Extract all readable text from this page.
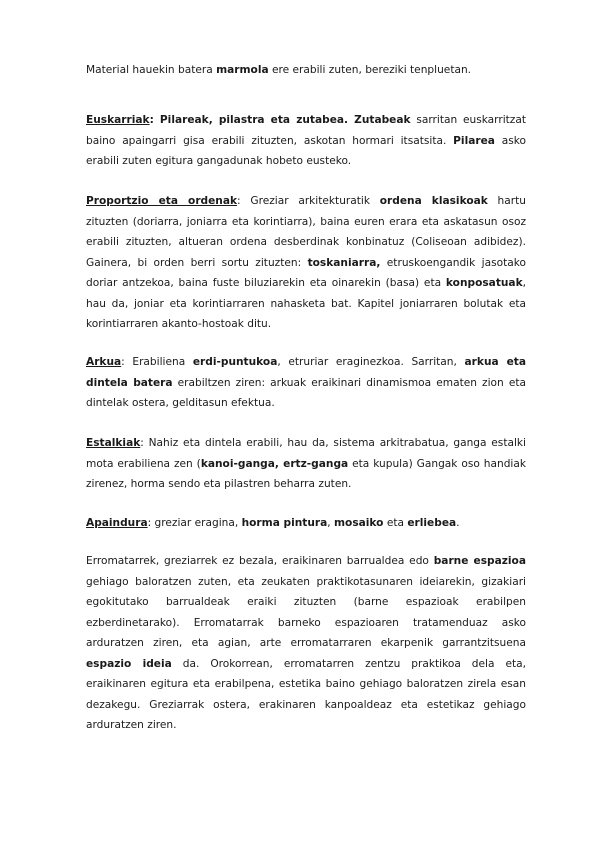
Material hauekin batera marmola ere erabili zuten, bereziki tenpluetan.

Euskarriak: Pilareak, pilastra eta zutabea. Zutabeak sarritan euskarritzat baino apaingarri gisa erabili zituzten, askotan hormari itsatsita. Pilarea asko erabili zuten egitura gangadunak hobeto eusteko.

Proportzio eta ordenak: Greziar arkitekturatik ordena klasikoak hartu zituzten (doriarra, joniarra eta korintiarra), baina euren erara eta askatasun osoz erabili zituzten, altueran ordena desberdinak konbinatuz (Coliseoan adibidez). Gainera, bi orden berri sortu zituzten: toskaniarra, etruskoengandik jasotako doriar antzekoa, baina fuste biluziarekin eta oinarekin (basa) eta konposatuak, hau da, joniar eta korintiarraren nahasketa bat. Kapitel joniarraren bolutak eta korintiarraren akanto-hostoak ditu.

Arkua: Erabiliena erdi-puntukoa, etruriar eraginezkoa. Sarritan, arkua eta dintela batera erabiltzen ziren: arkuak eraikinari dinamismoa ematen zion eta dintelak ostera, gelditasun efektua.

Estalkiak: Nahiz eta dintela erabili, hau da, sistema arkitrabatua, ganga estalki mota erabiliena zen (kanoi-ganga, ertz-ganga eta kupula) Gangak oso handiak zirenez, horma sendo eta pilastren beharra zuten.

Apaindura: greziar eragina, horma pintura, mosaiko eta erliebea.

Erromatarrek, greziarrek ez bezala, eraikinaren barrualdea edo barne espazioa gehiago baloratzen zuten, eta zeukaten praktikotasunaren ideiarekin, gizakiari egokitutako barrualdeak eraiki zituzten (barne espazioak erabilpen ezberdinetarako). Erromatarrak barneko espazioaren tratamenduaz asko arduratzen ziren, eta agian, arte erromatarraren ekarpenik garrantzitsuena espazio ideia da. Orokorrean, erromatarren zentzu praktikoa dela eta, eraikinaren egitura eta erabilpena, estetika baino gehiago baloratzen zirela esan dezakegu. Greziarrak ostera, erakinaren kanpoaldeaz eta estetikaz gehiago arduratzen ziren.
